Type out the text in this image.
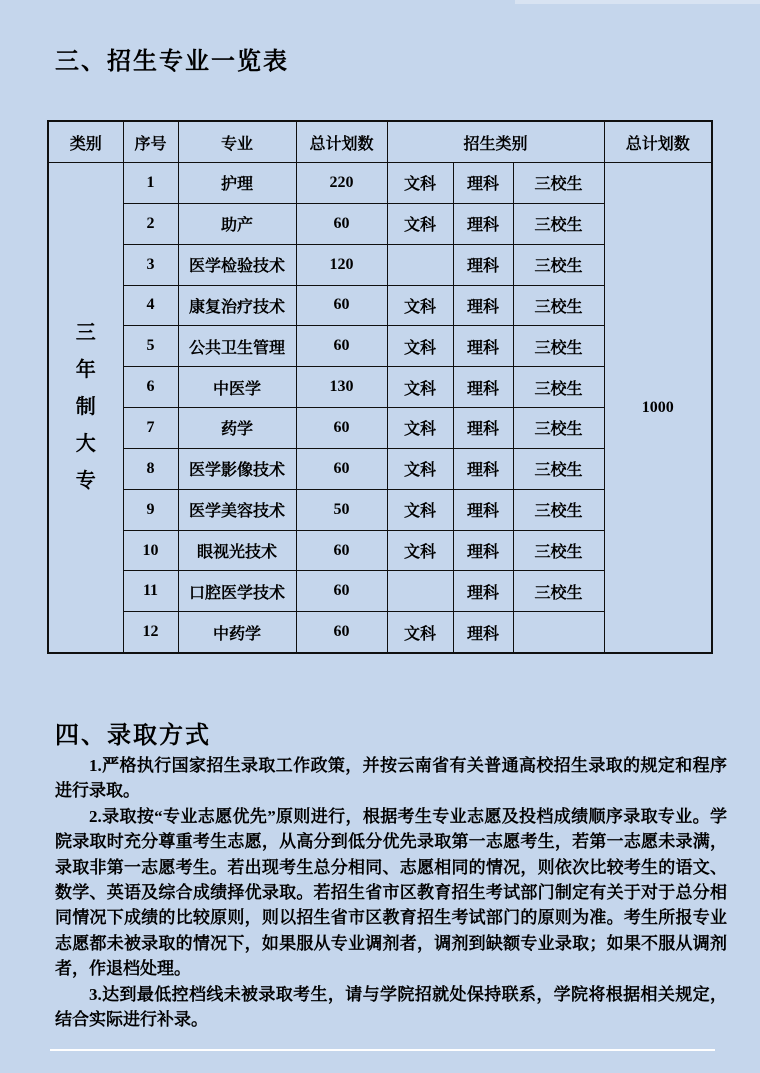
三、招生专业一览表
类别	序号	专业	总计划数	招生类别			总计划数

三
年
制
大
专	1	护理	220	文科	理科	三校生	1000
	2	助产	60	文科	理科	三校生	
	3	医学检验技术	120		理科	三校生	
	4	康复治疗技术	60	文科	理科	三校生	
	5	公共卫生管理	60	文科	理科	三校生	
	6	中医学	130	文科	理科	三校生	
	7	药学	60	文科	理科	三校生	
	8	医学影像技术	60	文科	理科	三校生	
	9	医学美容技术	50	文科	理科	三校生	
	10	眼视光技术	60	文科	理科	三校生	
	11	口腔医学技术	60		理科	三校生	
	12	中药学	60	文科	理科		
四、录取方式

1.严格执行国家招生录取工作政策，并按云南省有关普通高校招生录取的规定和程序进行录取。

2.录取按“专业志愿优先”原则进行，根据考生专业志愿及投档成绩顺序录取专业。学院录取时充分尊重考生志愿，从高分到低分优先录取第一志愿考生，若第一志愿未录满，录取非第一志愿考生。若出现考生总分相同、志愿相同的情况，则依次比较考生的语文、数学、英语及综合成绩择优录取。若招生省市区教育招生考试部门制定有关于对于总分相同情况下成绩的比较原则，则以招生省市区教育招生考试部门的原则为准。考生所报专业志愿都未被录取的情况下，如果服从专业调剂者，调剂到缺额专业录取；如果不服从调剂者，作退档处理。

3.达到最低控档线未被录取考生，请与学院招就处保持联系，学院将根据相关规定，结合实际进行补录。
